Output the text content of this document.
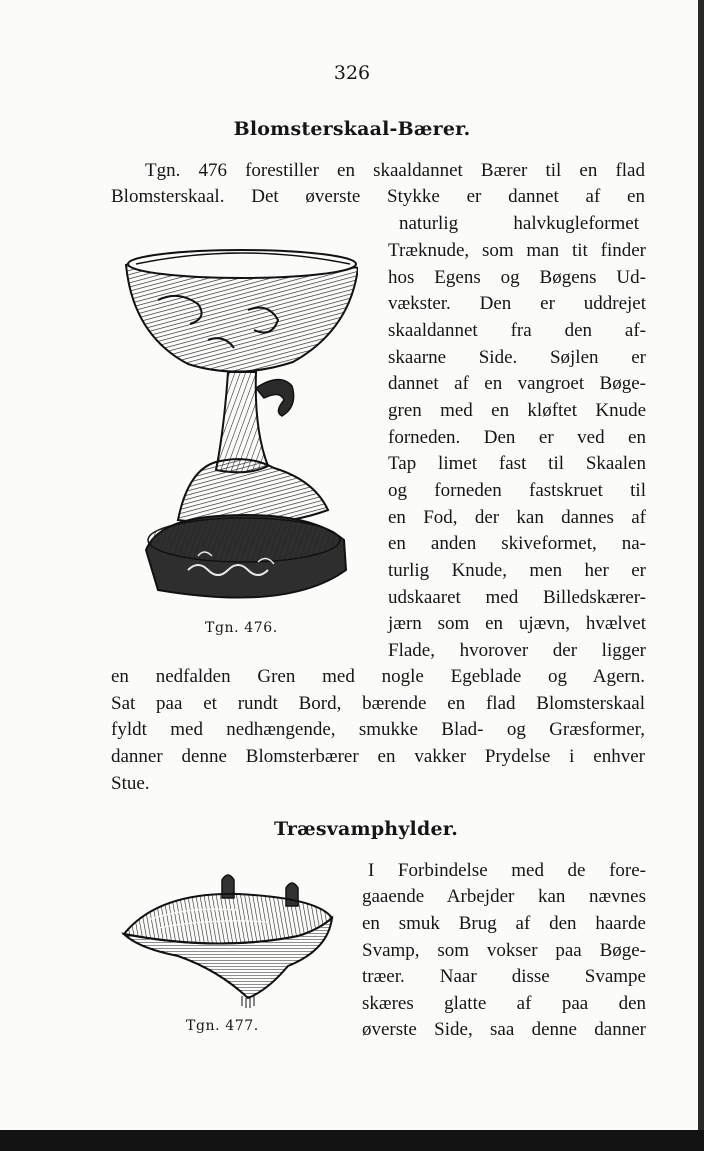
326
Blomsterskaal-Bærer.
Tgn. 476 forestiller en skaaldannet Bærer til en flad
Blomsterskaal. Det øverste Stykke er dannet af en
naturlig halvkugleformet
Træknude, som man tit finder
hos Egens og Bøgens Ud-
vækster. Den er uddrejet
skaaldannet fra den af-
skaarne Side. Søjlen er
dannet af en vangroet Bøge-
gren med en kløftet Knude
forneden. Den er ved en
Tap limet fast til Skaalen
og forneden fastskruet til
en Fod, der kan dannes af
en anden skiveformet, na-
turlig Knude, men her er
udskaaret med Billedskærer-
jærn som en ujævn, hvælvet
Flade, hvorover der ligger
en nedfalden Gren med nogle Egeblade og Agern.
Sat paa et rundt Bord, bærende en flad Blomsterskaal
fyldt med nedhængende, smukke Blad- og Græsformer,
danner denne Blomsterbærer en vakker Prydelse i enhver
Stue.
Tgn. 476.
Træsvamphylder.
I Forbindelse med de fore-
gaaende Arbejder kan nævnes
en smuk Brug af den haarde
Svamp, som vokser paa Bøge-
træer. Naar disse Svampe
skæres glatte af paa den
øverste Side, saa denne danner
Tgn. 477.
